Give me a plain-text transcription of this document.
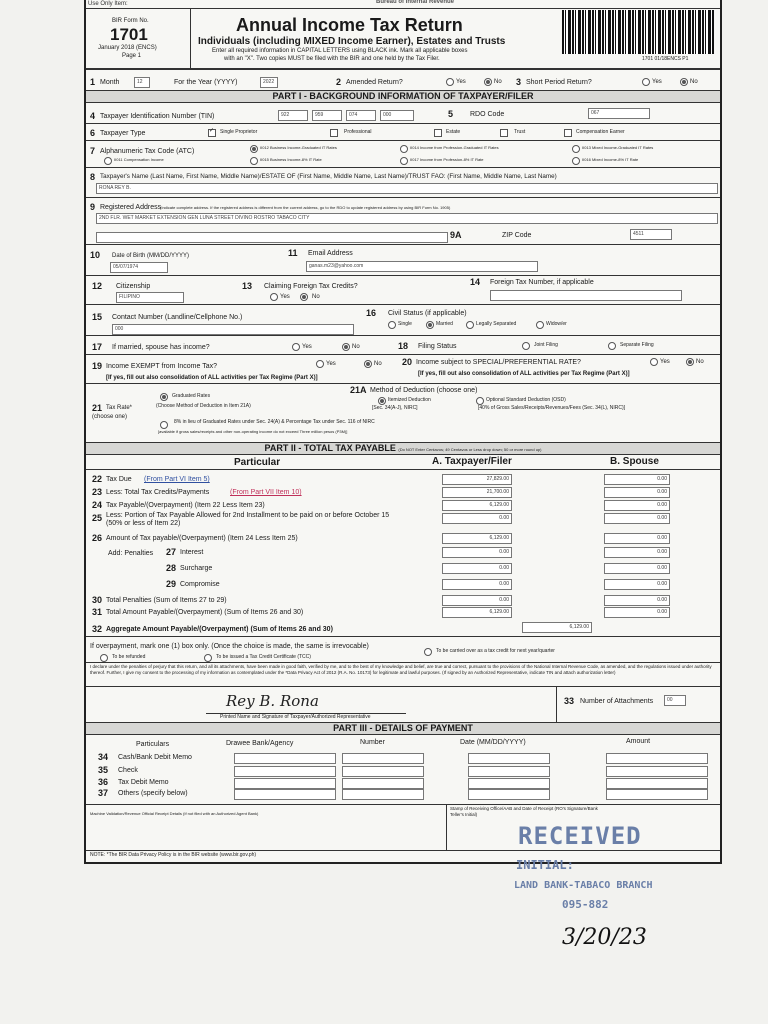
Use Only Item:	Bureau of Internal Revenue
BIR Form No.
1701
January 2018 (ENCS)
Page 1
Annual Income Tax Return
Individuals (including MIXED Income Earner), Estates and Trusts
Enter all required information in CAPITAL LETTERS using BLACK ink. Mark all applicable boxes
with an "X". Two copies MUST be filed with the BIR and one held by the Tax Filer.	1701 01/18ENCS P1
1 Month	12	For the Year (YYYY)	2022	2 Amended Return?	Yes	No 3 Short Period Return?	Yes	No
PART I - BACKGROUND INFORMATION OF TAXPAYER/FILER
4 Taxpayer Identification Number (TIN)	922	959	074	000	5 RDO Code	067
6 Taxpayer Type
✓	Single Proprietor	Professional	Estate	Trust	Compensation Earner
7 Alphanumeric Tax Code (ATC)
II012 Business Income-Graduated IT Rates	II014 Income from Profession-Graduated IT Rates	II013 Mixed Income-Graduated IT Rates
II011 Compensation Income	II015 Business Income-8% IT Rate	II017 Income from Profession-8% IT Rate	II016 Mixed Income-8% IT Rate
8 Taxpayer's Name (Last Name, First Name, Middle Name)/ESTATE OF (First Name, Middle Name, Last Name)/TRUST FAO: (First Name, Middle Name, Last Name)
RONA REY B.
9 Registered Address
(Indicate complete address. If the registered address is different from the current address, go to the RDO to update registered address by using BIR Form No. 1905)
2ND FLR. WET MARKET EXTENSION GEN LUNA STREET DIVINO ROSTRO TABACO CITY
9A	ZIP Code	4511
10 Date of Birth (MM/DD/YYYY)
05/07/1974
11 Email Address
ganas.m23@yahoo.com
12 Citizenship
FILIPINO
13 Claiming Foreign Tax Credits?
Yes	No
14 Foreign Tax Number, if applicable
15 Contact Number (Landline/Cellphone No.)
000
16 Civil Status (if applicable)
Single	Married	Legally Separated	Widow/er
17 If married, spouse has income?	Yes	No	18 Filing Status	Joint Filing	Separate Filing
19 Income EXEMPT from Income Tax?	Yes	No
[If yes, fill out also consolidation of ALL activities per Tax Regime (Part X)]
20 Income subject to SPECIAL/PREFERENTIAL RATE?	Yes	No
[If yes, fill out also consolidation of ALL activities per Tax Regime (Part X)]
21A Method of Deduction (choose one)
Itemized Deduction
[Sec. 34(A-J), NIRC]
Optional Standard Deduction (OSD)
[40% of Gross Sales/Receipts/Revenues/Fees (Sec. 34(L), NIRC)]
Graduated Rates
(Choose Method of Deduction in Item 21A)
21 Tax Rate*
(choose one)
8% in lieu of Graduated Rates under Sec. 24(A) & Percentage Tax under Sec. 116 of NIRC
[available if gross sales/receipts and other non-operating income do not exceed Three million pesos (P3M)]
PART II - TOTAL TAX PAYABLE (Do NOT Enter Centavos; 49 Centavos or Less drop down; 50 or more round up)
Particular	A. Taxpayer/Filer	B. Spouse
22 Tax Due (From Part VI Item 5)	27,829.00	0.00
23 Less: Total Tax Credits/Payments	(From Part VII Item 10)	21,700.00	0.00
24 Tax Payable/(Overpayment) (Item 22 Less Item 23)	6,129.00	0.00
25 Less: Portion of Tax Payable Allowed for 2nd Installment to be paid on or before October 15 (50% or less of Item 22)
0.00	0.00
26 Amount of Tax payable/(Overpayment) (Item 24 Less Item 25)	6,129.00	0.00
27 Interest	0.00	0.00
28 Surcharge	0.00	0.00
29 Compromise	0.00	0.00
30 Total Penalties (Sum of Items 27 to 29)	0.00	0.00
31 Total Amount Payable/(Overpayment) (Sum of Items 26 and 30)	6,129.00	0.00
Add: Penalties
32 Aggregate Amount Payable/(Overpayment) (Sum of Items 26 and 30)	6,129.00
If overpayment, mark one (1) box only. (Once the choice is made, the same is irrevocable)
To be refunded	To be issued a Tax Credit Certificate (TCC)
To be carried over as a tax credit for next year/quarter
I declare under the penalties of perjury that this return, and all its attachments, have been made in good faith, verified by me, and to the best of my knowledge and belief, are true and correct, pursuant to the provisions of the National Internal Revenue Code, as amended, and the regulations issued under authority thereof. Further, I give my consent to the processing of my information as contemplated under the *Data Privacy Act of 2012 (R.A. No. 10173) for legitimate and lawful purposes. (If signed by an Authorized Representative, indicate TIN and attach authorization letter)
Rey B. Rona
Printed Name and Signature of Taxpayer/Authorized Representative
33 Number of Attachments	00
PART III - DETAILS OF PAYMENT
Particulars	Drawee Bank/Agency	Number	Date (MM/DD/YYYY)	Amount
34 Cash/Bank Debit Memo
35 Check
36 Tax Debit Memo
37 Others (specify below)
Machine Validation/Revenue Official Receipt Details (If not filed with an Authorized Agent Bank)
Stamp of Receiving Office/AAB and Date of Receipt (RO's Signature/Bank Teller's Initial)
NOTE: *The BIR Data Privacy Policy is in the BIR website (www.bir.gov.ph)
RECEIVED
INITIAL:
LAND BANK-TABACO BRANCH
095-882
3/20/23
